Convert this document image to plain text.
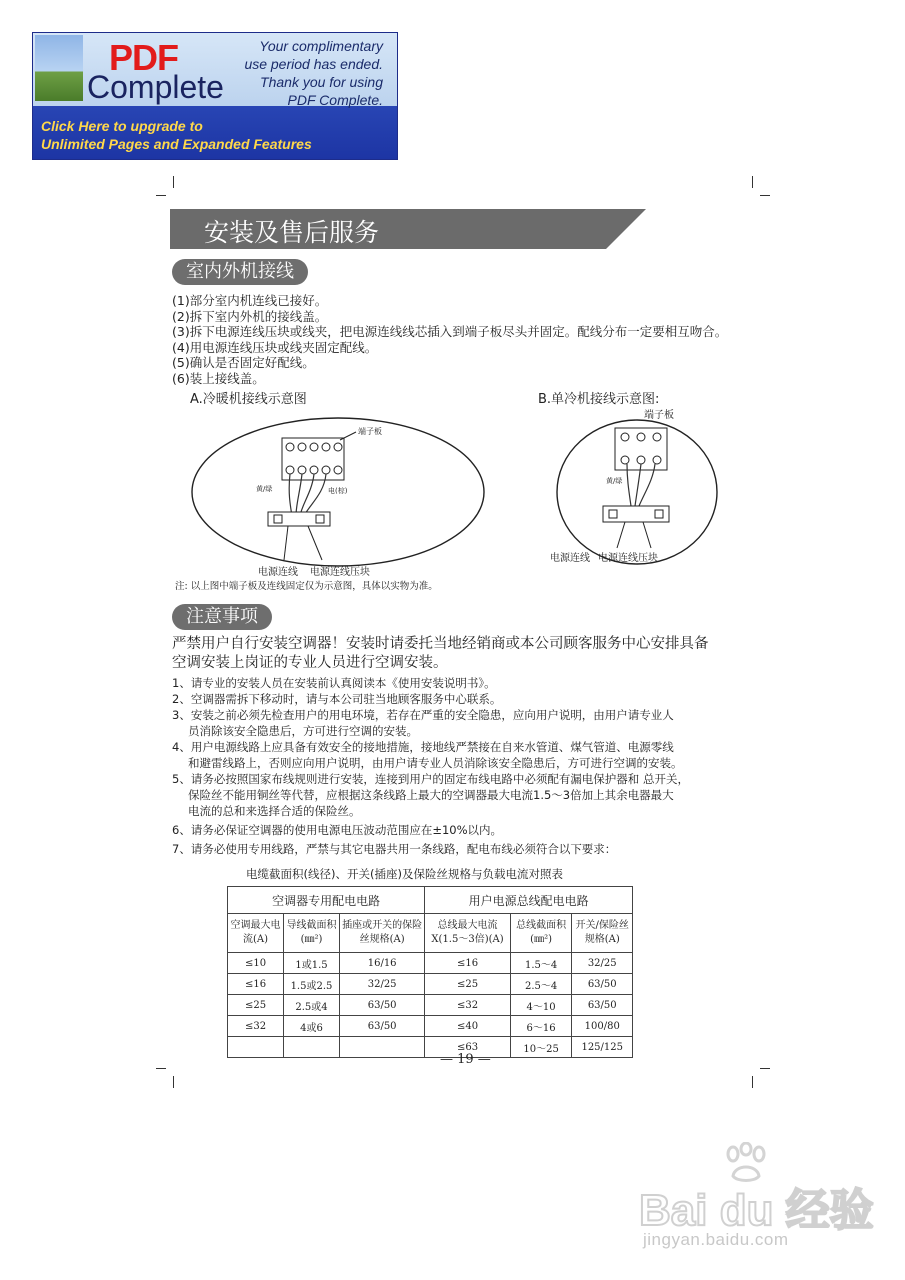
PDF
Complete
Your complimentary
use period has ended.
Thank you for using
PDF Complete.
Click Here to upgrade to
Unlimited Pages and Expanded Features
安装及售后服务
室内外机接线
(1)部分室内机连线已接好。
(2)拆下室内外机的接线盖。
(3)拆下电源连线压块或线夹，把电源连线线芯插入到端子板尽头并固定。配线分布一定要相互吻合。
(4)用电源连线压块或线夹固定配线。
(5)确认是否固定好配线。
(6)装上接线盖。
A.冷暖机接线示意图	B.单冷机接线示意图:
端子板
黄/绿	电(棕)
电源连线 电源连线压块
端子板
黄/绿
电源连线 电源连线压块
注: 以上图中端子板及连线固定仅为示意图，具体以实物为准。
注意事项
严禁用户自行安装空调器！安装时请委托当地经销商或本公司顾客服务中心安排具备
空调安装上岗证的专业人员进行空调安装。
1、请专业的安装人员在安装前认真阅读本《使用安装说明书》。
2、空调器需拆下移动时，请与本公司驻当地顾客服务中心联系。
3、安装之前必须先检查用户的用电环境，若存在严重的安全隐患，应向用户说明，由用户请专业人
员消除该安全隐患后，方可进行空调的安装。
4、用户电源线路上应具备有效安全的接地措施，接地线严禁接在自来水管道、煤气管道、电源零线
和避雷线路上，否则应向用户说明，由用户请专业人员消除该安全隐患后，方可进行空调的安装。
5、请务必按照国家布线规则进行安装，连接到用户的固定布线电路中必须配有漏电保护器和 总开关，
保险丝不能用铜丝等代替，应根据这条线路上最大的空调器最大电流1.5～3倍加上其余电器最大
电流的总和来选择合适的保险丝。
6、请务必保证空调器的使用电源电压波动范围应在±10%以内。
7、请务必使用专用线路，严禁与其它电器共用一条线路，配电布线必须符合以下要求：
电缆截面积(线径)、开关(插座)及保险丝规格与负载电流对照表
空调器专用配电电路			用户电源总线配电电路		
空调最大电流(A)	导线截面积(㎜²)	插座或开关的保险丝规格(A)	总线最大电流X(1.5～3倍)(A)	总线截面积(㎜²)	开关/保险丝规格(A)
≤10	1或1.5	16/16	≤16	1.5～4	32/25
≤16	1.5或2.5	32/25	≤25	2.5～4	63/50
≤25	2.5或4	63/50	≤32	4～10	63/50
≤32	4或6	63/50	≤40	6～16	100/80
			≤63	10～25	125/125
— 19 —
Bai du 经验
jingyan.baidu.com
